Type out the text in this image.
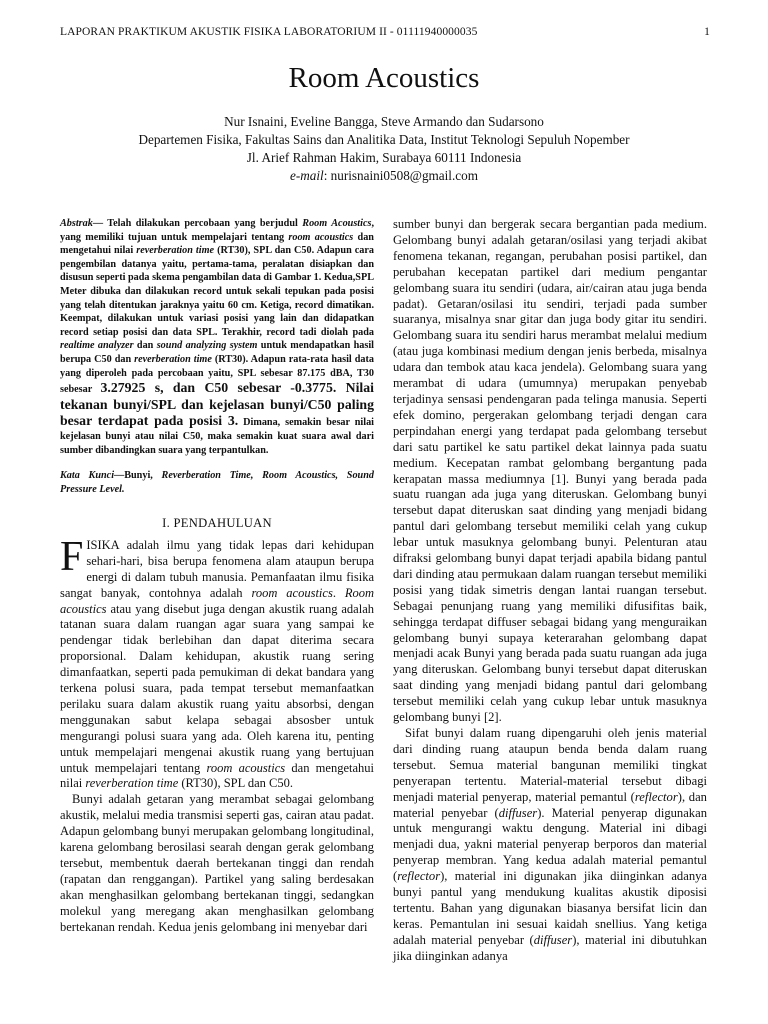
LAPORAN PRAKTIKUM AKUSTIK FISIKA LABORATORIUM II - 01111940000035	1
Room Acoustics
Nur Isnaini, Eveline Bangga, Steve Armando dan Sudarsono
Departemen Fisika, Fakultas Sains dan Analitika Data, Institut Teknologi Sepuluh Nopember
Jl. Arief Rahman Hakim, Surabaya 60111 Indonesia
e-mail: nurisnaini0508@gmail.com

Abstrak— Telah dilakukan percobaan yang berjudul Room Acoustics, yang memiliki tujuan untuk mempelajari tentang room acoustics dan mengetahui nilai reverberation time (RT30), SPL dan C50. Adapun cara pengembilan datanya yaitu, pertama-tama, peralatan disiapkan dan disusun seperti pada skema pengambilan data di Gambar 1. Kedua,SPL Meter dibuka dan dilakukan record untuk sekali tepukan pada posisi yang telah ditentukan jaraknya yaitu 60 cm. Ketiga, record dimatikan. Keempat, dilakukan untuk variasi posisi yang lain dan didapatkan record setiap posisi dan data SPL. Terakhir, record tadi diolah pada realtime analyzer dan sound analyzing system untuk mendapatkan hasil berupa C50 dan reverberation time (RT30). Adapun rata-rata hasil data yang diperoleh pada percobaan yaitu, SPL sebesar 87.175 dBA, T30 sebesar 3.27925 s, dan C50 sebesar -0.3775. Nilai tekanan bunyi/SPL dan kejelasan bunyi/C50 paling besar terdapat pada posisi 3. Dimana, semakin besar nilai kejelasan bunyi atau nilai C50, maka semakin kuat suara awal dari sumber dibandingkan suara yang terpantulkan.

Kata Kunci—Bunyi, Reverberation Time, Room Acoustics, Sound Pressure Level.

I. PENDAHULUAN

FISIKA adalah ilmu yang tidak lepas dari kehidupan sehari-hari, bisa berupa fenomena alam ataupun berupa energi di dalam tubuh manusia. Pemanfaatan ilmu fisika sangat banyak, contohnya adalah room acoustics. Room acoustics atau yang disebut juga dengan akustik ruang adalah tatanan suara dalam ruangan agar suara yang sampai ke pendengar tidak berlebihan dan dapat diterima secara proporsional. Dalam kehidupan, akustik ruang sering dimanfaatkan, seperti pada pemukiman di dekat bandara yang terkena polusi suara, pada tempat tersebut memanfaatkan perilaku suara dalam akustik ruang yaitu absorbsi, dengan menggunakan sabut kelapa sebagai absosber untuk mengurangi polusi suara yang ada. Oleh karena itu, penting untuk mempelajari mengenai akustik ruang yang bertujuan untuk mempelajari tentang room acoustics dan mengetahui nilai reverberation time (RT30), SPL dan C50.

Bunyi adalah getaran yang merambat sebagai gelombang akustik, melalui media transmisi seperti gas, cairan atau padat. Adapun gelombang bunyi merupakan gelombang longitudinal, karena gelombang berosilasi searah dengan gerak gelombang tersebut, membentuk daerah bertekanan tinggi dan rendah (rapatan dan renggangan). Partikel yang saling berdesakan akan menghasilkan gelombang bertekanan tinggi, sedangkan molekul yang meregang akan menghasilkan gelombang bertekanan rendah. Kedua jenis gelombang ini menyebar dari

sumber bunyi dan bergerak secara bergantian pada medium. Gelombang bunyi adalah getaran/osilasi yang terjadi akibat fenomena tekanan, regangan, perubahan posisi partikel, dan perubahan kecepatan partikel dari medium pengantar gelombang suara itu sendiri (udara, air/cairan atau juga benda padat). Getaran/osilasi itu sendiri, terjadi pada sumber suaranya, misalnya snar gitar dan juga body gitar itu sendiri. Gelombang suara itu sendiri harus merambat melalui medium (atau juga kombinasi medium dengan jenis berbeda, misalnya udara dan tembok atau kaca jendela). Gelombang suara yang merambat di udara (umumnya) merupakan penyebab terjadinya sensasi pendengaran pada telinga manusia. Seperti efek domino, pergerakan gelombang terjadi dengan cara perpindahan energi yang terdapat pada gelombang tersebut dari satu partikel ke satu partikel dekat lainnya pada suatu medium. Kecepatan rambat gelombang bergantung pada kerapatan massa mediumnya [1]. Bunyi yang berada pada suatu ruangan ada juga yang diteruskan. Gelombang bunyi tersebut dapat diteruskan saat dinding yang menjadi bidang pantul dari gelombang tersebut memiliki celah yang cukup lebar untuk masuknya gelombang bunyi. Pelenturan atau difraksi gelombang bunyi dapat terjadi apabila bidang pantul dari dinding atau permukaan dalam ruangan tersebut memiliki posisi yang tidak simetris dengan lantai ruangan tersebut. Sebagai penunjang ruang yang memiliki difusifitas baik, sehingga terdapat diffuser sebagai bidang yang menguraikan gelombang bunyi supaya keterarahan gelombang dapat menjadi acak Bunyi yang berada pada suatu ruangan ada juga yang diteruskan. Gelombang bunyi tersebut dapat diteruskan saat dinding yang menjadi bidang pantul dari gelombang tersebut memiliki celah yang cukup lebar untuk masuknya gelombang bunyi [2].

Sifat bunyi dalam ruang dipengaruhi oleh jenis material dari dinding ruang ataupun benda benda dalam ruang tersebut. Semua material bangunan memiliki tingkat penyerapan tertentu. Material-material tersebut dibagi menjadi material penyerap, material pemantul (reflector), dan material penyebar (diffuser). Material penyerap digunakan untuk mengurangi waktu dengung. Material ini dibagi menjadi dua, yakni material penyerap berporos dan material penyerap membran. Yang kedua adalah material pemantul (reflector), material ini digunakan jika diinginkan adanya bunyi pantul yang mendukung kualitas akustik diposisi tertentu. Bahan yang digunakan biasanya bersifat licin dan keras. Pemantulan ini sesuai kaidah snellius. Yang ketiga adalah material penyebar (diffuser), material ini dibutuhkan jika diinginkan adanya
